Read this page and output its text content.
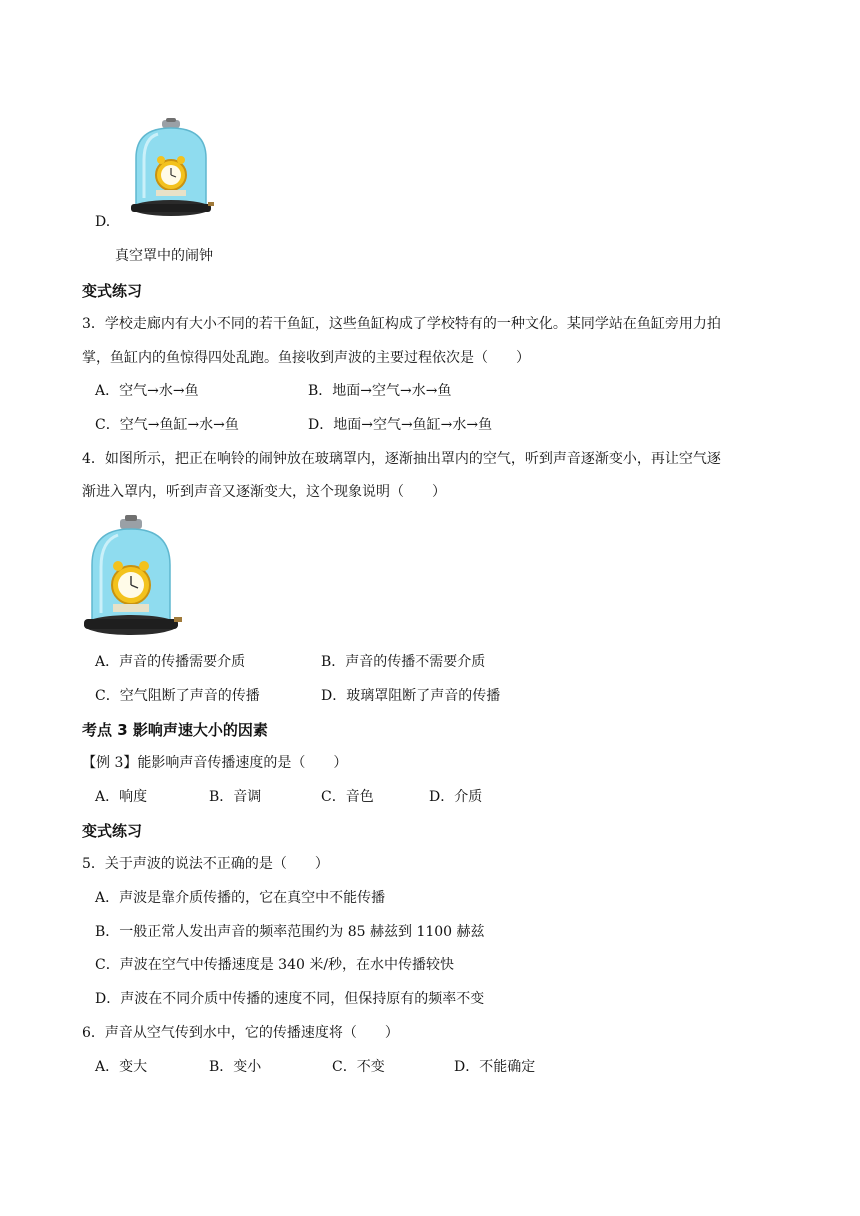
D.
真空罩中的闹钟
变式练习
3．学校走廊内有大小不同的若干鱼缸，这些鱼缸构成了学校特有的一种文化。某同学站在鱼缸旁用力拍
掌，鱼缸内的鱼惊得四处乱跑。鱼接收到声波的主要过程依次是（　　）
A．空气→水→鱼	B．地面→空气→水→鱼
C．空气→鱼缸→水→鱼	D．地面→空气→鱼缸→水→鱼
4．如图所示，把正在响铃的闹钟放在玻璃罩内，逐渐抽出罩内的空气，听到声音逐渐变小，再让空气逐
渐进入罩内，听到声音又逐渐变大，这个现象说明（　　）
A．声音的传播需要介质	B．声音的传播不需要介质
C．空气阻断了声音的传播	D．玻璃罩阻断了声音的传播
考点 3 影响声速大小的因素
【例 3】能影响声音传播速度的是（　　）
A．响度	B．音调	C．音色	D．介质
变式练习
5．关于声波的说法不正确的是（　　）
A．声波是靠介质传播的，它在真空中不能传播
B．一般正常人发出声音的频率范围约为 85 赫兹到 1100 赫兹
C．声波在空气中传播速度是 340 米/秒，在水中传播较快
D．声波在不同介质中传播的速度不同，但保持原有的频率不变
6．声音从空气传到水中，它的传播速度将（　　）
A．变大	B．变小	C．不变	D．不能确定
